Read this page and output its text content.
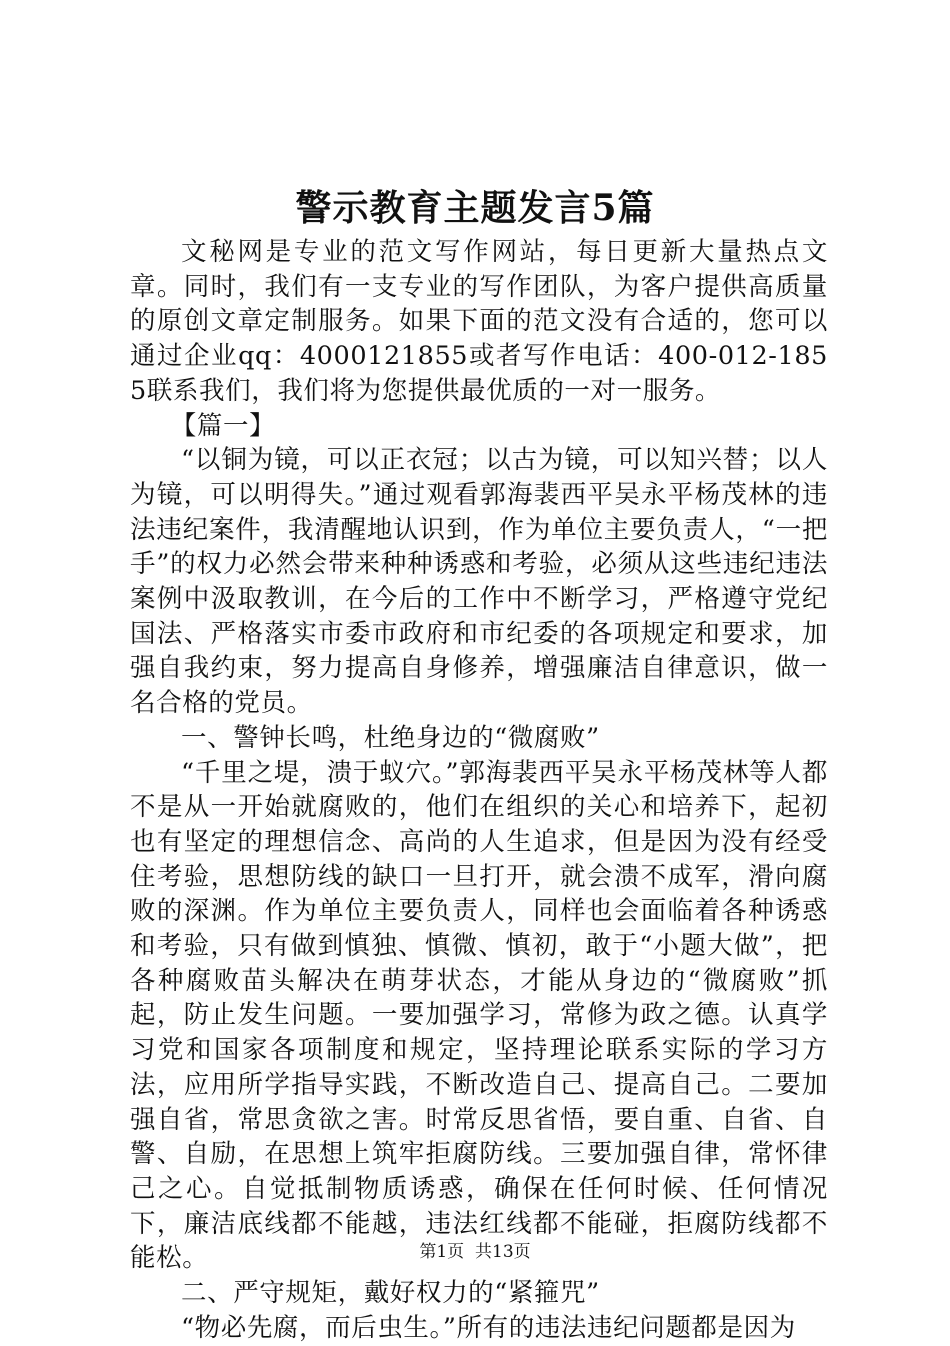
警示教育主题发言5篇

文秘网是专业的范文写作网站，每日更新大量热点文章。同时，我们有一支专业的写作团队，为客户提供高质量的原创文章定制服务。如果下面的范文没有合适的，您可以通过企业qq：4000121855或者写作电话：400-012-1855联系我们，我们将为您提供最优质的一对一服务。

【篇一】

“以铜为镜，可以正衣冠；以古为镜，可以知兴替；以人为镜，可以明得失。”通过观看郭海裴西平吴永平杨茂林的违法违纪案件，我清醒地认识到，作为单位主要负责人，“一把手”的权力必然会带来种种诱惑和考验，必须从这些违纪违法案例中汲取教训，在今后的工作中不断学习，严格遵守党纪国法、严格落实市委市政府和市纪委的各项规定和要求，加强自我约束，努力提高自身修养，增强廉洁自律意识，做一名合格的党员。

一、警钟长鸣，杜绝身边的“微腐败”

“千里之堤，溃于蚁穴。”郭海裴西平吴永平杨茂林等人都不是从一开始就腐败的，他们在组织的关心和培养下，起初也有坚定的理想信念、高尚的人生追求，但是因为没有经受住考验，思想防线的缺口一旦打开，就会溃不成军，滑向腐败的深渊。作为单位主要负责人，同样也会面临着各种诱惑和考验，只有做到慎独、慎微、慎初，敢于“小题大做”，把各种腐败苗头解决在萌芽状态，才能从身边的“微腐败”抓起，防止发生问题。一要加强学习，常修为政之德。认真学习党和国家各项制度和规定，坚持理论联系实际的学习方法，应用所学指导实践，不断改造自己、提高自己。二要加强自省，常思贪欲之害。时常反思省悟，要自重、自省、自警、自励，在思想上筑牢拒腐防线。三要加强自律，常怀律己之心。自觉抵制物质诱惑，确保在任何时候、任何情况下，廉洁底线都不能越，违法红线都不能碰，拒腐防线都不能松。

二、严守规矩，戴好权力的“紧箍咒”

“物必先腐，而后虫生。”所有的违法违纪问题都是因为

第1页 共13页
